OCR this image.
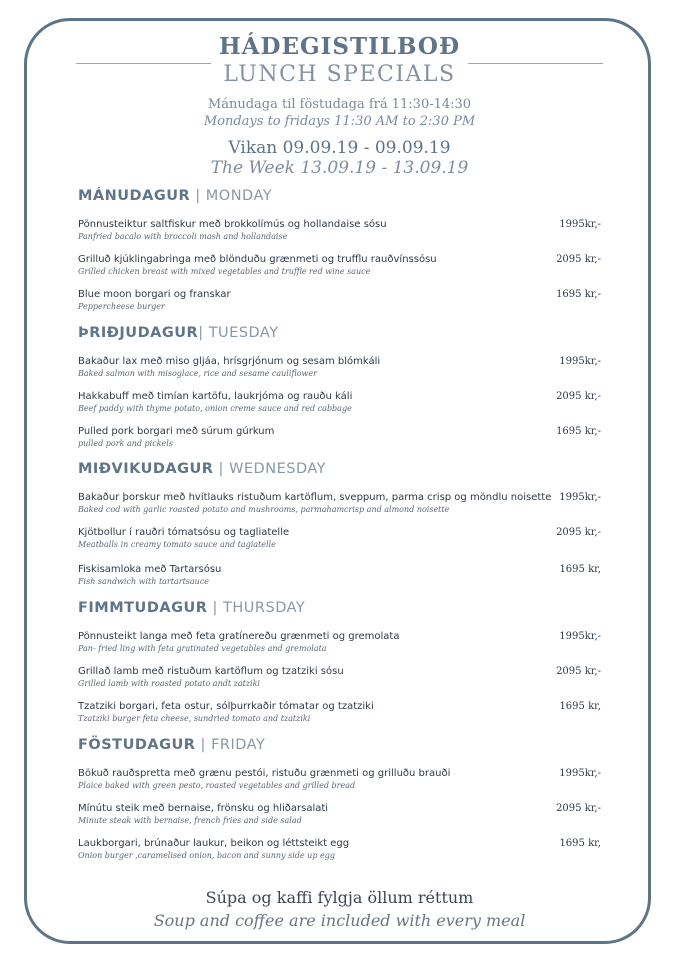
HÁDEGISTILBOÐ
LUNCH SPECIALS
Mánudaga til föstudaga frá 11:30-14:30
Mondays to fridays 11:30 AM to 2:30 PM
Vikan 09.09.19 - 09.09.19
The Week 13.09.19 - 13.09.19
MÁNUDAGUR | MONDAY
Pönnusteiktur saltfiskur með brokkolímús og hollandaise sósu
Panfried bacalo with broccoli mash and hollandaise
1995kr,-
Grilluð kjúklingabringa með blönduðu grænmeti og trufflu rauðvínssósu
Grilled chicken breast with mixed vegetables and truffle red wine sauce
2095 kr,-
Blue moon borgari og franskar
Peppercheese burger
1695 kr,-
ÞRIÐJUDAGUR| TUESDAY
Bakaður lax með miso gljáa, hrísgrjónum og sesam blómkáli
Baked salmon with misoglace, rice and sesame cauliflower
1995kr,-
Hakkabuff með timían kartöfu, laukrjóma og rauðu káli
Beef paddy with thyme potato, onion creme sauce and red cabbage
2095 kr,-
Pulled pork borgari með súrum gúrkum
pulled pork and pickels
1695 kr,-
MIÐVIKUDAGUR | WEDNESDAY
Bakaður þorskur með hvítlauks ristuðum kartöflum, sveppum, parma crisp og möndlu noisette
Baked cod with garlic roasted potato and mushrooms, parmahamcrisp and almond noisette
1995kr,-
Kjötbollur í rauðri tómatsósu og tagliatelle
Meatballs in creamy tomato sauce and tagiatelle
2095 kr,-
Fiskisamloka með Tartarsósu
Fish sandwich with tartartsauce
1695 kr,
FIMMTUDAGUR | THURSDAY
Pönnusteikt langa með feta gratínereðu grænmeti og gremolata
Pan- fried ling with feta gratinated vegetables and gremolata
1995kr,-
Grillað lamb með ristuðum kartöflum og tzatziki sósu
Grilled lamb with roasted potato andt zatziki
2095 kr,-
Tzatziki borgari, feta ostur, sólþurrkaðir tómatar og tzatziki
Tzatziki burger feta cheese, sundried tomato and tzatziki
1695 kr,
FÖSTUDAGUR | FRIDAY
Bökuð rauðspretta með grænu pestói, ristuðu grænmeti og grilluðu brauði
Plaice baked with green pesto, roasted vegetables and grilled bread
1995kr,-
Mínútu steik með bernaise, frönsku og hliðarsalati
Minute steak with bernaise, french fries and side salad
2095 kr,-
Laukborgari, brúnaður laukur, beikon og léttsteikt egg
Onion burger ,caramelised onion, bacon and sunny side up egg
1695 kr,
Súpa og kaffi fylgja öllum réttum
Soup and coffee are included with every meal
